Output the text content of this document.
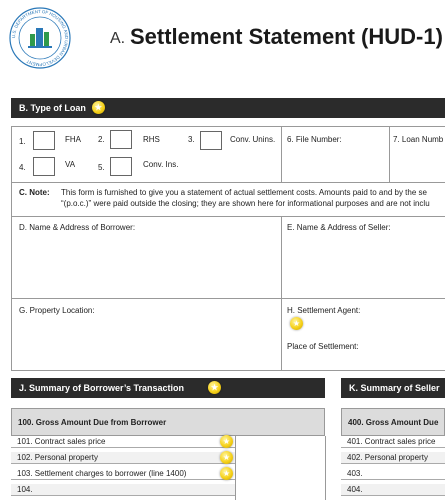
U.S. DEPARTMENT OF HOUSING AND URBAN DEVELOPMENT
A. Settlement Statement (HUD-1)
B. Type of Loan ★
1.	FHA 2.	RHS	3.	Conv. Unins.
4.	VA	5.	Conv. Ins.
6. File Number:	7. Loan Numb
C. Note: This form is furnished to give you a statement of actual settlement costs. Amounts paid to and by the se
“(p.o.c.)” were paid outside the closing; they are shown here for informational purposes and are not inclu
D. Name & Address of Borrower:	E. Name & Address of Seller:
G. Property Location:	H. Settlement Agent:
★
Place of Settlement:
J. Summary of Borrower’s Transaction	★	K. Summary of Seller
100. Gross Amount Due from Borrower
101. Contract sales price
102. Personal property
103. Settlement charges to borrower (line 1400)
104.
★
★
★
400. Gross Amount Due
401. Contract sales price
402. Personal property
403.
404.
